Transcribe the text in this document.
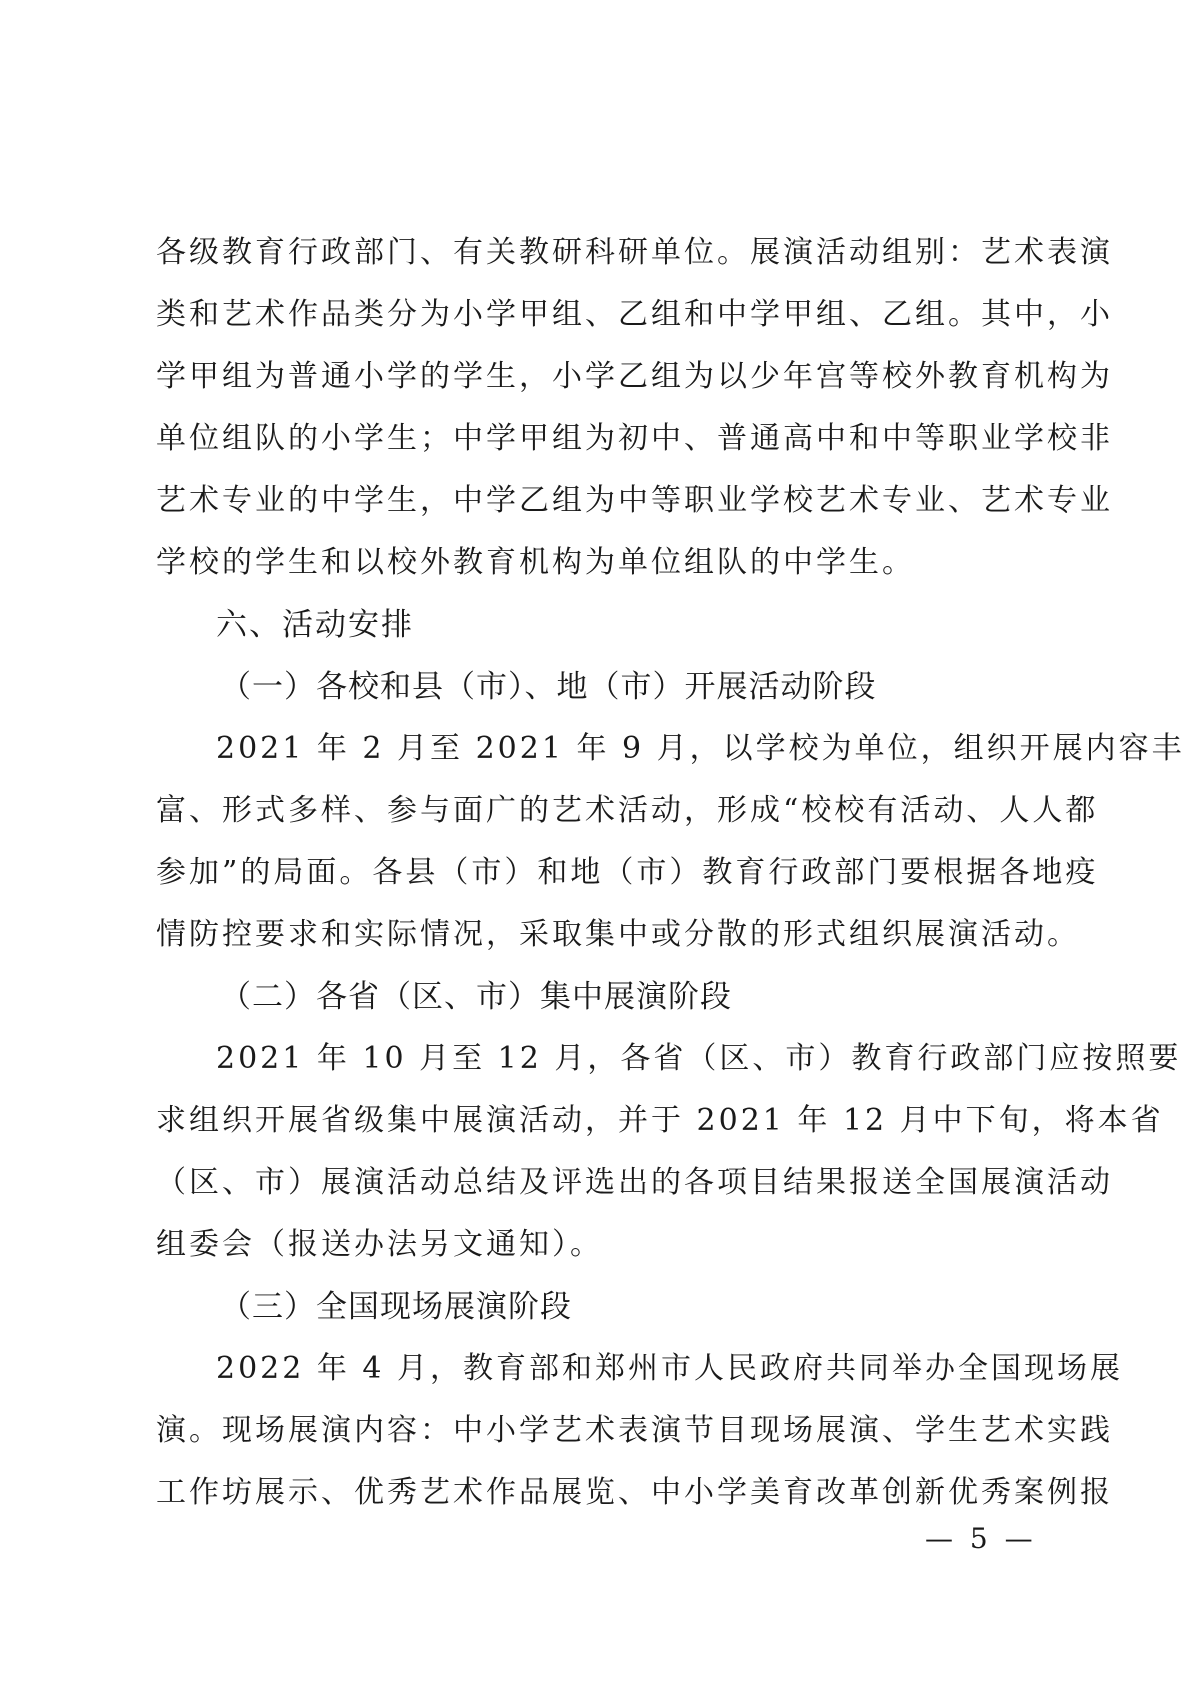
各级教育行政部门、有关教研科研单位。展演活动组别：艺术表演
类和艺术作品类分为小学甲组、乙组和中学甲组、乙组。其中，小
学甲组为普通小学的学生，小学乙组为以少年宫等校外教育机构为
单位组队的小学生；中学甲组为初中、普通高中和中等职业学校非
艺术专业的中学生，中学乙组为中等职业学校艺术专业、艺术专业
学校的学生和以校外教育机构为单位组队的中学生。
六、活动安排
（一）各校和县（市）、地（市）开展活动阶段
2021 年 2 月至 2021 年 9 月，以学校为单位，组织开展内容丰
富、形式多样、参与面广的艺术活动，形成“校校有活动、人人都
参加”的局面。各县（市）和地（市）教育行政部门要根据各地疫
情防控要求和实际情况，采取集中或分散的形式组织展演活动。
（二）各省（区、市）集中展演阶段
2021 年 10 月至 12 月，各省（区、市）教育行政部门应按照要
求组织开展省级集中展演活动，并于 2021 年 12 月中下旬，将本省
（区、市）展演活动总结及评选出的各项目结果报送全国展演活动
组委会（报送办法另文通知）。
（三）全国现场展演阶段
2022 年 4 月，教育部和郑州市人民政府共同举办全国现场展
演。现场展演内容：中小学艺术表演节目现场展演、学生艺术实践
工作坊展示、优秀艺术作品展览、中小学美育改革创新优秀案例报
— 5 —
